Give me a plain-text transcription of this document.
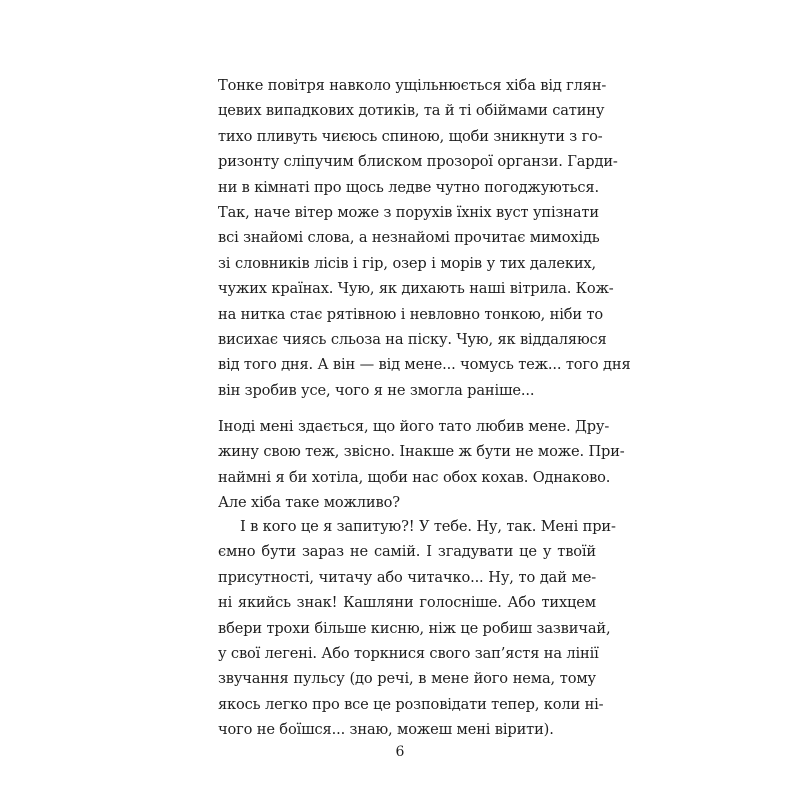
Тонке повітря навколо ущільнюється хіба від глян-
цевих випадкових дотиків, та й ті обіймами сатину
тихо пливуть чиєюсь спиною, щоби зникнути з го-
ризонту сліпучим блиском прозорої органзи. Гарди-
ни в кімнаті про щось ледве чутно погоджуються.
Так, наче вітер може з порухів їхніх вуст упізнати
всі знайомі слова, а незнайомі прочитає мимохідь
зі словників лісів і гір, озер і морів у тих далеких,
чужих країнах. Чую, як дихають наші вітрила. Кож-
на нитка стає рятівною і невловно тонкою, ніби то
висихає чиясь сльоза на піску. Чую, як віддаляюся
від того дня. А він — від мене... чомусь теж... того дня
він зробив усе, чого я не змогла раніше...
Іноді мені здається, що його тато любив мене. Дру-
жину свою теж, звісно. Інакше ж бути не може. При-
наймні я би хотіла, щоби нас обох кохав. Однаково.
Але хіба таке можливо?
І в кого це я запитую?! У тебе. Ну, так. Мені при-
ємно бути зараз не самій. І згадувати це у твоїй
присутності, читачу або читачко... Ну, то дай ме-
ні якийсь знак! Кашляни голосніше. Або тихцем
вбери трохи більше кисню, ніж це робиш зазвичай,
у свої легені. Або торкнися свого зап’ястя на лінії
звучання пульсу (до речі, в мене його нема, тому
якось легко про все це розповідати тепер, коли ні-
чого не боїшся... знаю, можеш мені вірити).
6
